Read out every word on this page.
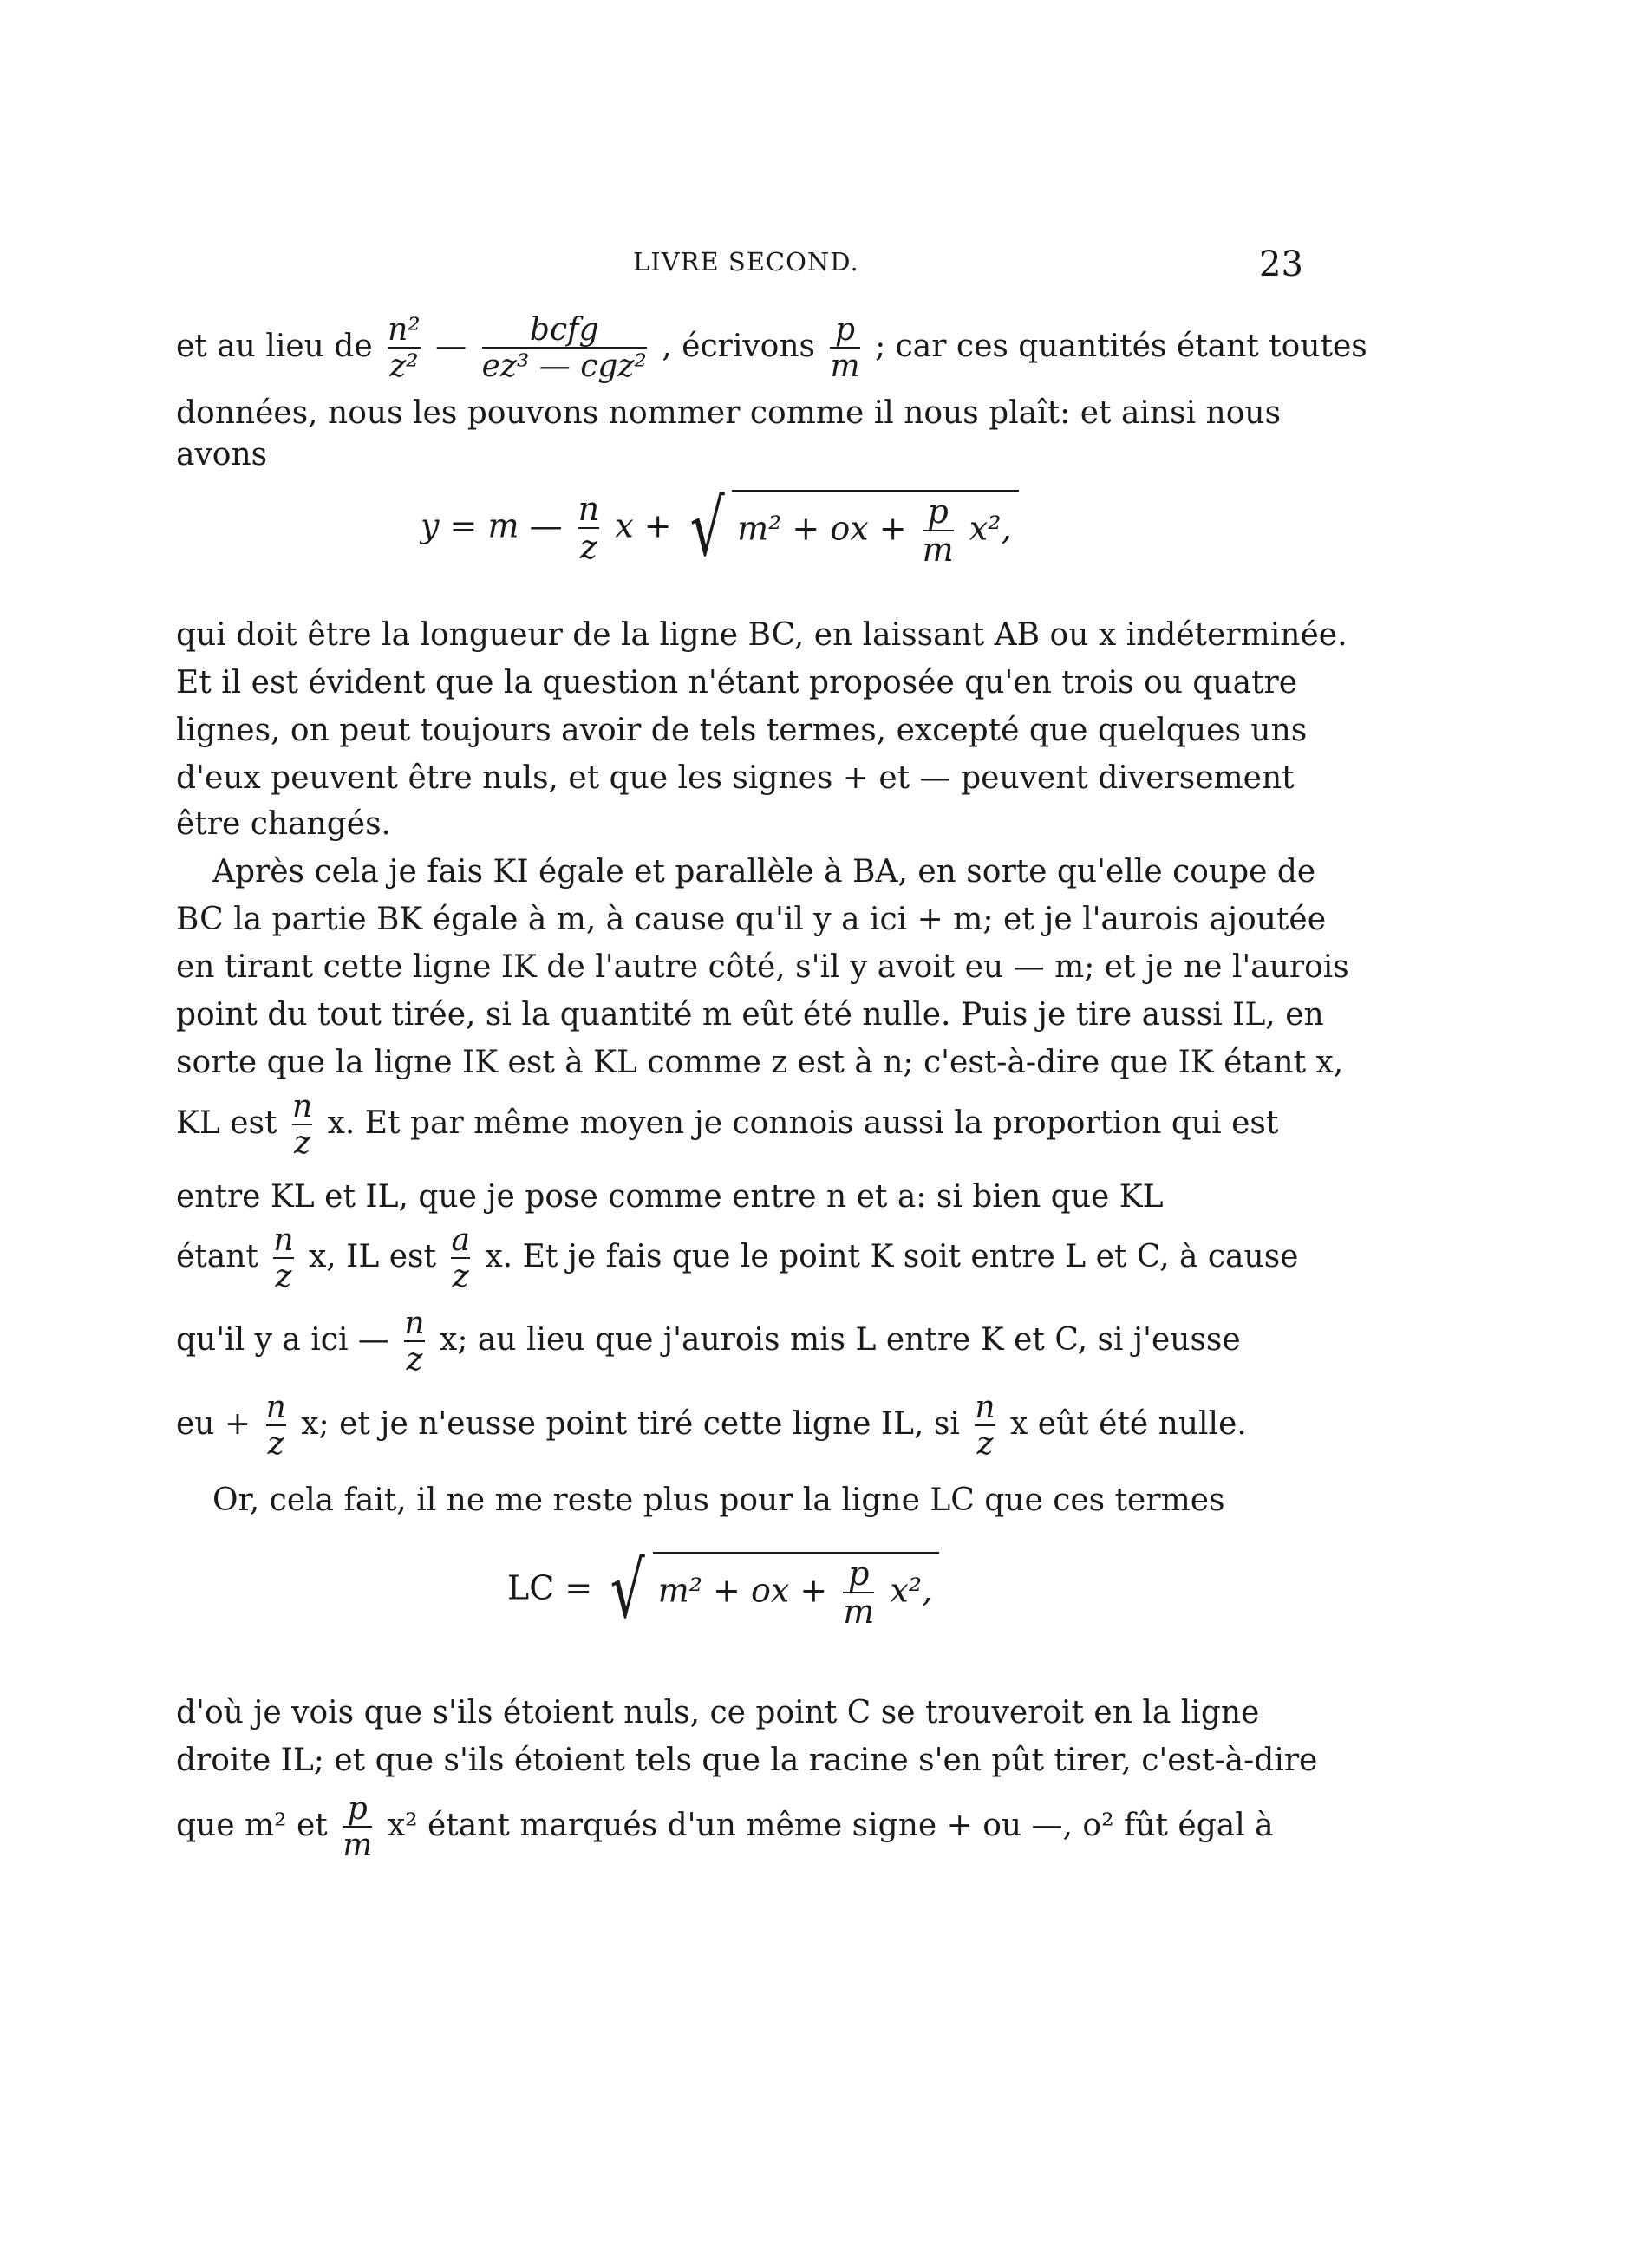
LIVRE SECOND.	23
et au lieu de $\frac{\text{n²}}{\text{z²}}$ — $\frac{\text{bcfg}}{\text{ez³ — cgz²}}$ , écrivons $\frac{p}{m}$ ; car ces quantités étant toutes
données, nous les pouvons nommer comme il nous plaît: et ainsi nous
avons
y = m — $\frac{n}{z}$ x + √ m² + ox + $\frac{p}{m} x^2$,
qui doit être la longueur de la ligne BC, en laissant AB ou x indéterminée.
Et il est évident que la question n'étant proposée qu'en trois ou quatre
lignes, on peut toujours avoir de tels termes, excepté que quelques uns
d'eux peuvent être nuls, et que les signes + et — peuvent diversement
être changés.
Après cela je fais KI égale et parallèle à BA, en sorte qu'elle coupe de
BC la partie BK égale à m, à cause qu'il y a ici + m; et je l'aurois ajoutée
en tirant cette ligne IK de l'autre côté, s'il y avoit eu — m; et je ne l'aurois
point du tout tirée, si la quantité m eût été nulle. Puis je tire aussi IL, en
sorte que la ligne IK est à KL comme z est à n; c'est-à-dire que IK étant x,
KL est $\frac{n}{z} x$. Et par même moyen je connois aussi la proportion qui est
entre KL et IL, que je pose comme entre n et a: si bien que KL
étant $\frac{n}{z} x$, IL est $\frac{a}{z} x$. Et je fais que le point K soit entre L et C, à cause
qu'il y a ici — $\frac{n}{z} x$; au lieu que j'aurois mis L entre K et C, si j'eusse
eu + $\frac{n}{z} x$; et je n'eusse point tiré cette ligne IL, si $\frac{n}{z}$ x eût été nulle.
Or, cela fait, il ne me reste plus pour la ligne LC que ces termes
LC = √ m² + ox + $\frac{p}{m} x^2$,
d'où je vois que s'ils étoient nuls, ce point C se trouveroit en la ligne
droite IL; et que s'ils étoient tels que la racine s'en pût tirer, c'est-à-dire
que m² et $\frac{p}{m} x^2$ étant marqués d'un même signe + ou —, o² fût égal à
